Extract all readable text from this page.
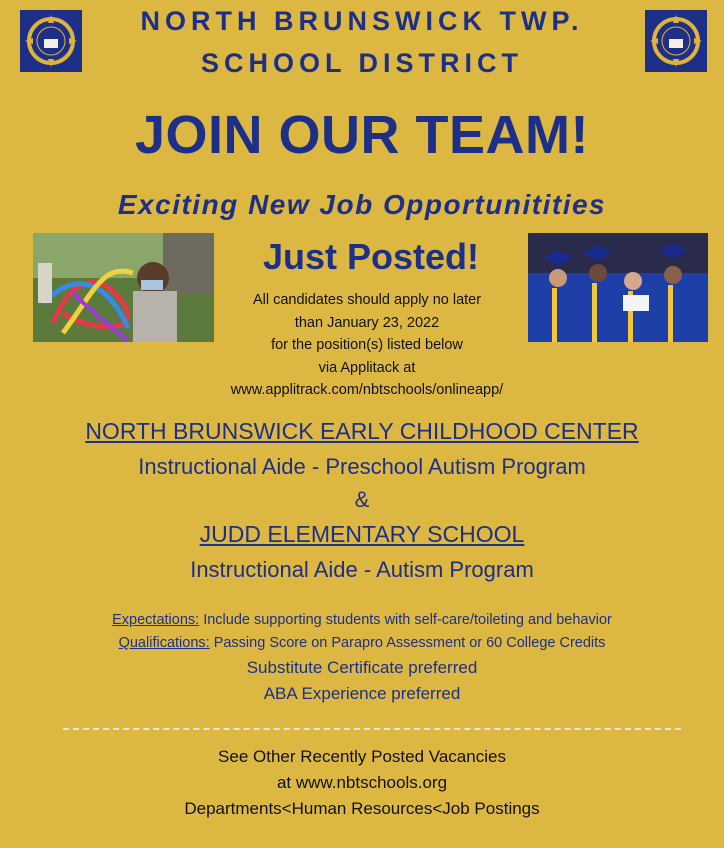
NORTH BRUNSWICK TWP.
SCHOOL DISTRICT
JOIN OUR TEAM!
Exciting New Job Opportunitities
Just Posted!
All candidates should apply no later
than January 23, 2022
for the position(s) listed below
via Applitack at
www.applitrack.com/nbtschools/onlineapp/
NORTH BRUNSWICK EARLY CHILDHOOD CENTER
Instructional Aide - Preschool Autism Program
&
JUDD ELEMENTARY SCHOOL
Instructional Aide - Autism Program
Expectations: Include supporting students with self-care/toileting and behavior
Qualifications: Passing Score on Parapro Assessment or 60 College Credits
Substitute Certificate preferred
ABA Experience preferred
See Other Recently Posted Vacancies
at www.nbtschools.org
Departments<Human Resources<Job Postings
